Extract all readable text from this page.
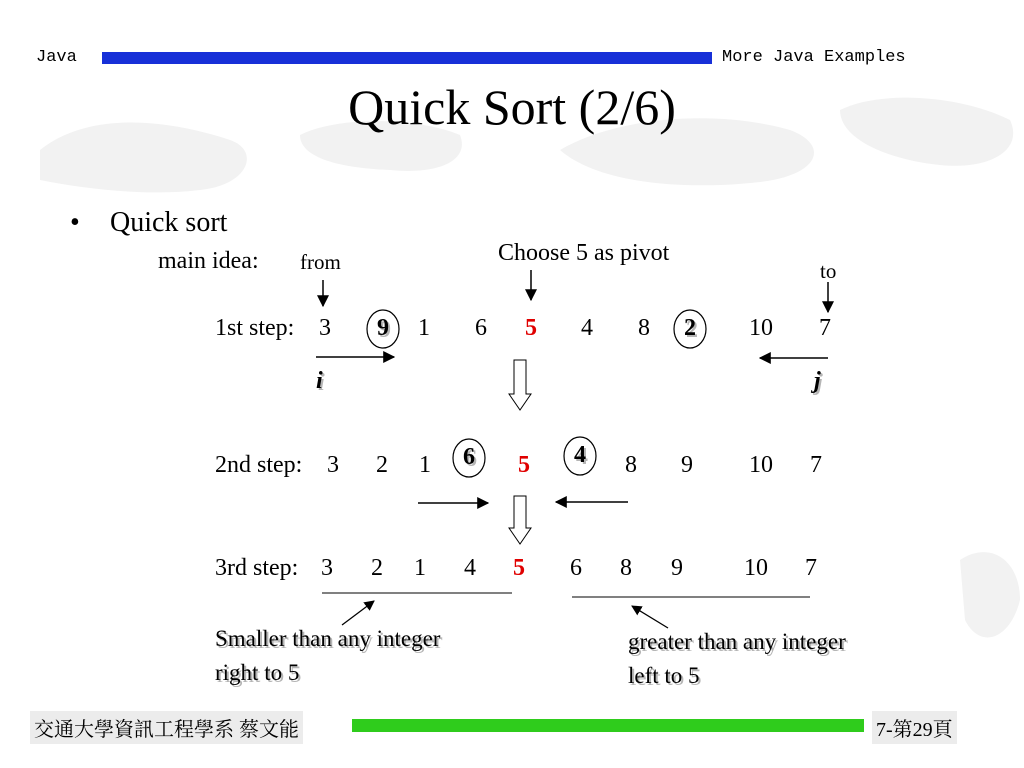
Java	More Java Examples
Quick Sort (2/6)
• Quick sort
main idea: from	Choose 5 as pivot
to
i	j
1st step:	3	9	1	6	5	4	8	2	10	7
2nd step:	3	2	1	6	5	4	8	9	10	7
3rd step: 3	2	1	4	5	6	8	9	10	7
Smaller than any integer
right to 5
greater than any integer
left to 5
交通大學資訊工程學系 蔡文能	7-第29頁
